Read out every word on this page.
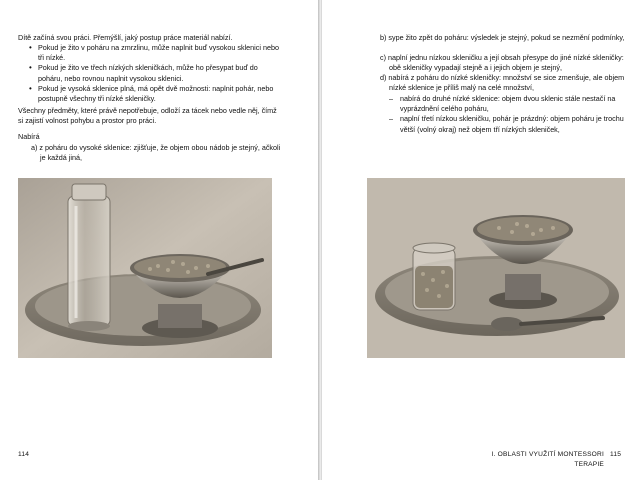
Dítě začíná svou práci. Přemýšlí, jaký postup práce materiál nabízí.

• Pokud je žito v poháru na zmrzlinu, může naplnit buď vysokou sklenici nebo tři nízké.
• Pokud je žito ve třech nízkých skleničkách, může ho přesypat buď do poháru, nebo rovnou naplnit vysokou sklenici.
• Pokud je vysoká sklenice plná, má opět dvě možnosti: naplnit pohár, nebo postupně všechny tři nízké skleničky.

Všechny předměty, které právě nepotřebuje, odloží za tácek nebo vedle něj, čímž si zajistí volnost pohybu a prostor pro práci.

Nabírá

a) z poháru do vysoké sklenice: zjišťuje, že objem obou nádob je stejný, ačkoli je každá jiná,

114

b) sype žito zpět do poháru: výsledek je stejný, pokud se nezmění podmínky,

c) naplní jednu nízkou skleničku a její obsah přesype do jiné nízké skleničky: obě skleničky vypadají stejně a i jejich objem je stejný,

d) nabírá z poháru do nízké skleničky: množství se sice zmenšuje, ale objem nízké sklenice je příliš malý na celé množství,

– nabírá do druhé nízké sklenice: objem dvou sklenic stále nestačí na vyprázdnění celého poháru,
– naplní třetí nízkou skleničku, pohár je prázdný: objem poháru je trochu větší (volný okraj) než objem tří nízkých skleniček,
I. OBLASTI VYUŽITÍ MONTESSORI TERAPIE
115
